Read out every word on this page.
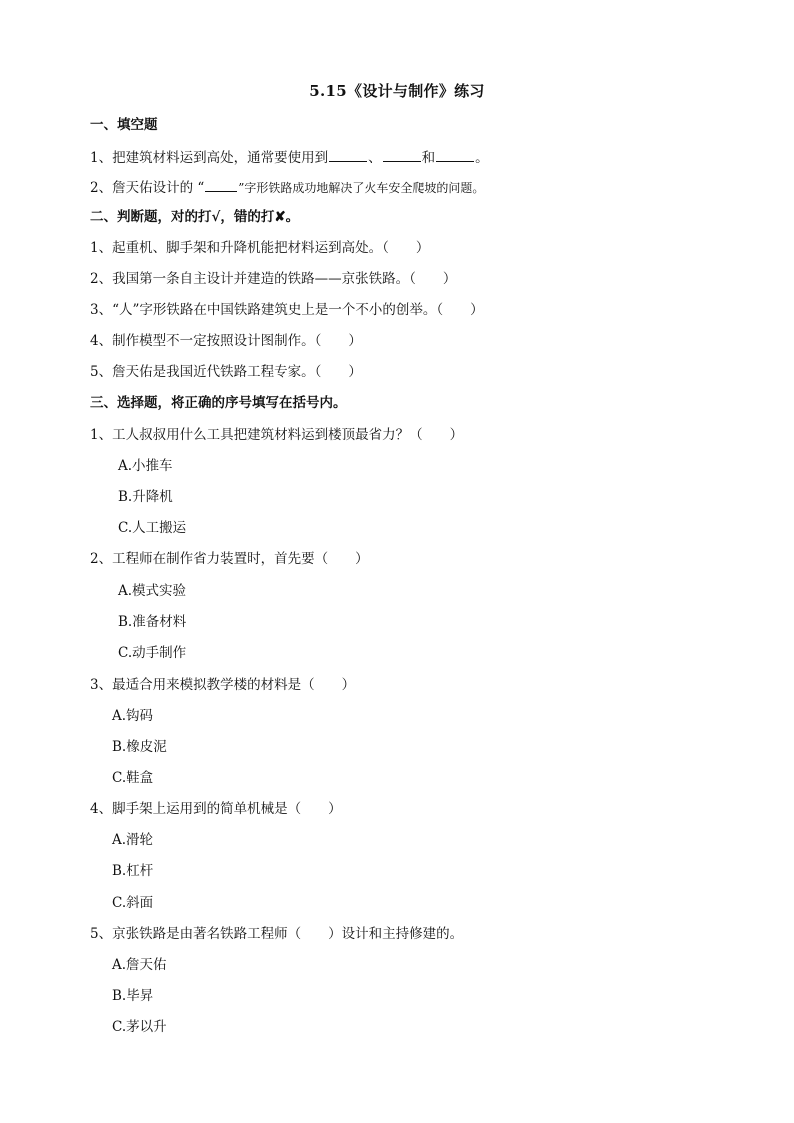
5.15《设计与制作》练习
一、填空题
1、把建筑材料运到高处，通常要使用到	、	和	。
2、詹天佑设计的 “	”字形铁路成功地解决了火车安全爬坡的问题。
二、判断题，对的打√，错的打✘。
1、起重机、脚手架和升降机能把材料运到高处。（　　）
2、我国第一条自主设计并建造的铁路——京张铁路。（　　）
3、“人”字形铁路在中国铁路建筑史上是一个不小的创举。（　　）
4、制作模型不一定按照设计图制作。（　　）
5、詹天佑是我国近代铁路工程专家。（　　）
三、选择题，将正确的序号填写在括号内。
1、工人叔叔用什么工具把建筑材料运到楼顶最省力？（　　）
A.小推车
B.升降机
C.人工搬运
2、工程师在制作省力装置时，首先要（　　）
A.模式实验
B.准备材料
C.动手制作
3、最适合用来模拟教学楼的材料是（　　）
A.钩码
B.橡皮泥
C.鞋盒
4、脚手架上运用到的简单机械是（　　）
A.滑轮
B.杠杆
C.斜面
5、京张铁路是由著名铁路工程师（　　）设计和主持修建的。
A.詹天佑
B.毕昇
C.茅以升
